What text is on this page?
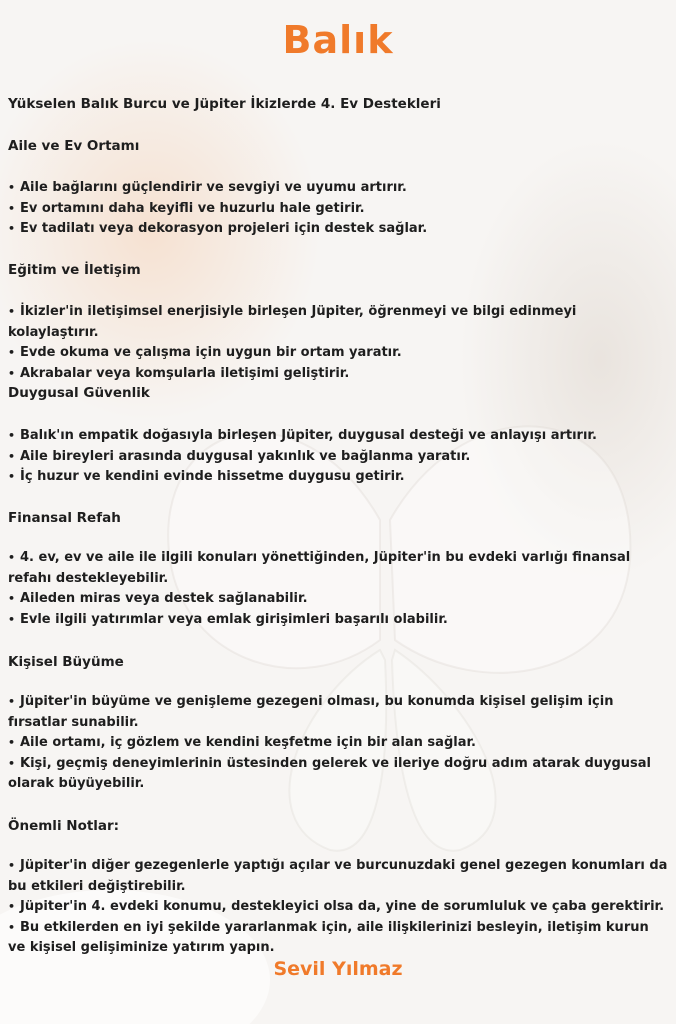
Balık

Yükselen Balık Burcu ve Jüpiter İkizlerde 4. Ev Destekleri

Aile ve Ev Ortamı

• Aile bağlarını güçlendirir ve sevgiyi ve uyumu artırır.
• Ev ortamını daha keyifli ve huzurlu hale getirir.
• Ev tadilatı veya dekorasyon projeleri için destek sağlar.

Eğitim ve İletişim

• İkizler'in iletişimsel enerjisiyle birleşen Jüpiter, öğrenmeyi ve bilgi edinmeyi kolaylaştırır.
• Evde okuma ve çalışma için uygun bir ortam yaratır.
• Akrabalar veya komşularla iletişimi geliştirir.

Duygusal Güvenlik

• Balık'ın empatik doğasıyla birleşen Jüpiter, duygusal desteği ve anlayışı artırır.
• Aile bireyleri arasında duygusal yakınlık ve bağlanma yaratır.
• İç huzur ve kendini evinde hissetme duygusu getirir.

Finansal Refah

• 4. ev, ev ve aile ile ilgili konuları yönettiğinden, Jüpiter'in bu evdeki varlığı finansal refahı destekleyebilir.
• Aileden miras veya destek sağlanabilir.
• Evle ilgili yatırımlar veya emlak girişimleri başarılı olabilir.

Kişisel Büyüme

• Jüpiter'in büyüme ve genişleme gezegeni olması, bu konumda kişisel gelişim için fırsatlar sunabilir.
• Aile ortamı, iç gözlem ve kendini keşfetme için bir alan sağlar.
• Kişi, geçmiş deneyimlerinin üstesinden gelerek ve ileriye doğru adım atarak duygusal olarak büyüyebilir.

Önemli Notlar:

• Jüpiter'in diğer gezegenlerle yaptığı açılar ve burcunuzdaki genel gezegen konumları da bu etkileri değiştirebilir.
• Jüpiter'in 4. evdeki konumu, destekleyici olsa da, yine de sorumluluk ve çaba gerektirir.
• Bu etkilerden en iyi şekilde yararlanmak için, aile ilişkilerinizi besleyin, iletişim kurun ve kişisel gelişiminize yatırım yapın.

Sevil Yılmaz
